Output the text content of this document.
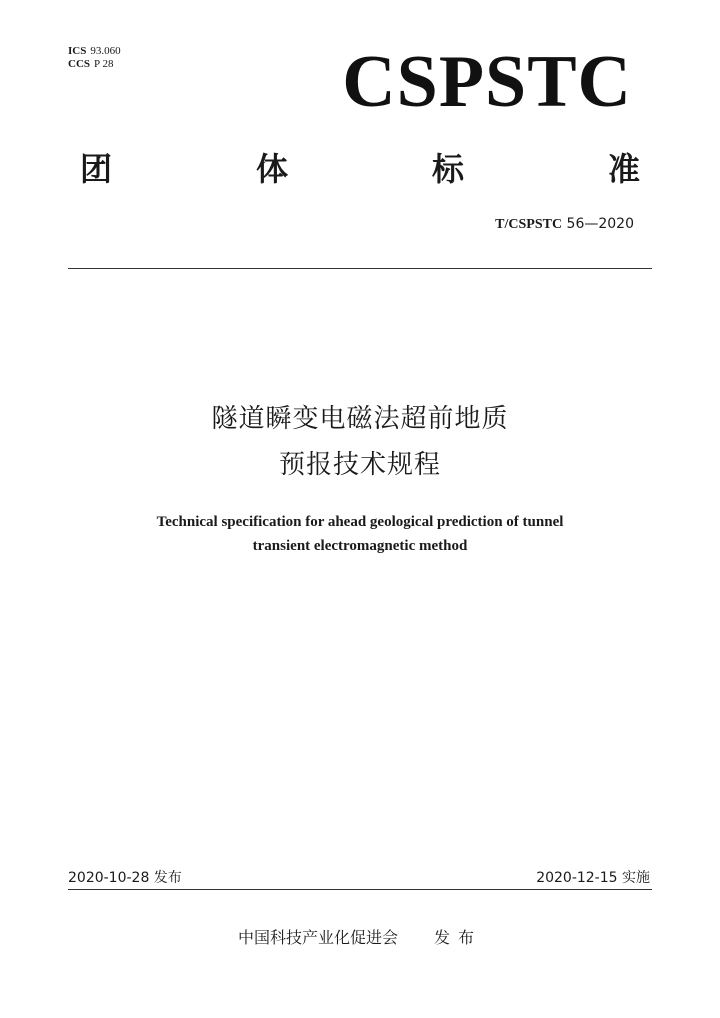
ICS 93.060
CCS P 28	CSPSTC
团	体	标	准
T/CSPSTC 56—2020
隧道瞬变电磁法超前地质
预报技术规程
Technical specification for ahead geological prediction of tunnel
transient electromagnetic method
2020-10-28 发布	2020-12-15 实施
中国科技产业化促进会 发布
